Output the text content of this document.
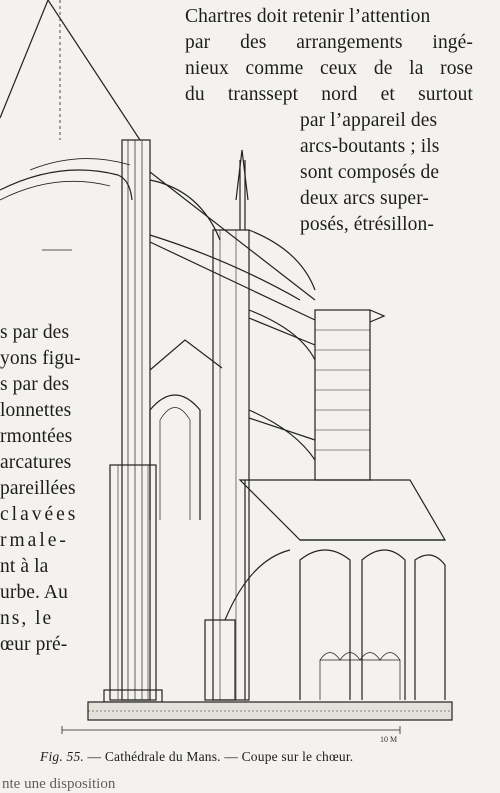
10 M
Chartres doit retenir l’attention
par des arrangements ingé-
nieux comme ceux de la rose
du transsept nord et surtout
par l’appareil des
arcs-boutants ; ils
sont composés de
deux arcs super-
posés, étrésillon-
s par des
yons figu-
s par des
lonnettes
rmontées
arcatures
pareillées
clavées
rmale-
nt à la
urbe. Au
ns, le
œur pré-
Fig. 55. — Cathédrale du Mans. — Coupe sur le chœur.
nte une disposition
